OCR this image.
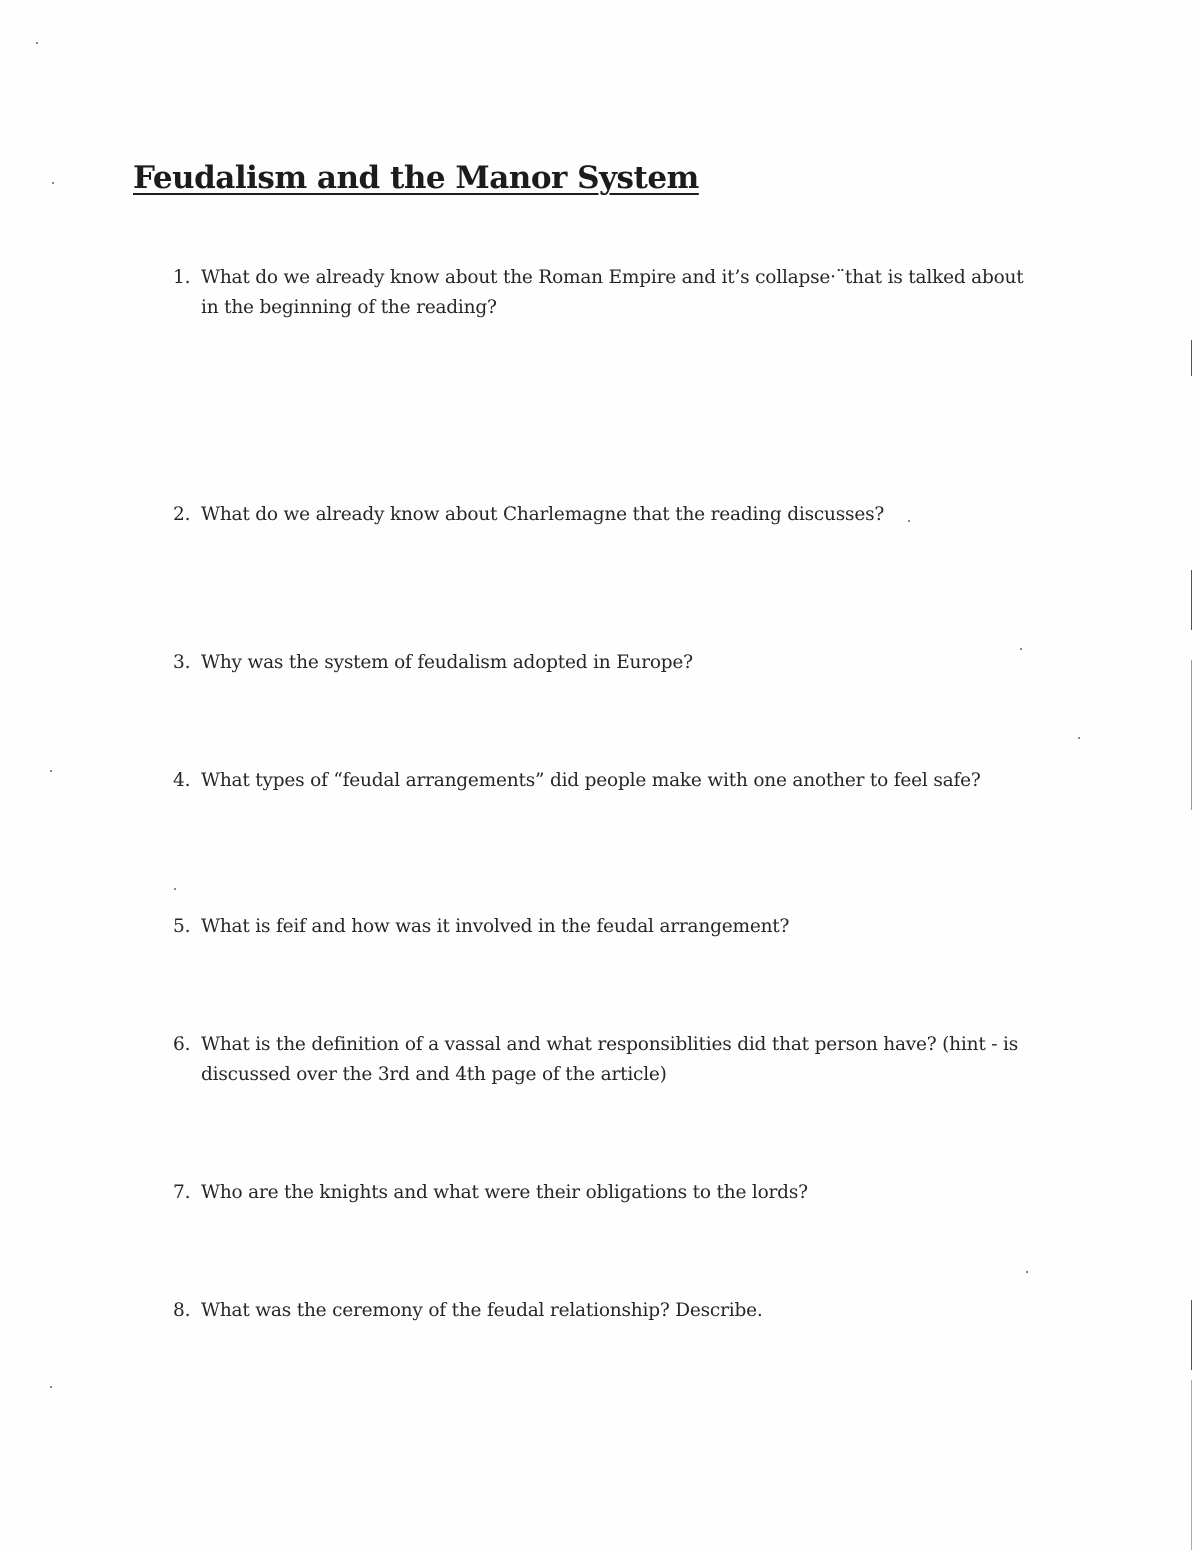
Feudalism and the Manor System
1. What do we already know about the Roman Empire and it’s collapse·¨that is talked about in the beginning of the reading?
2. What do we already know about Charlemagne that the reading discusses?
3. Why was the system of feudalism adopted in Europe?
4. What types of “feudal arrangements” did people make with one another to feel safe?
5. What is feif and how was it involved in the feudal arrangement?
6. What is the definition of a vassal and what responsiblities did that person have? (hint - is discussed over the 3rd and 4th page of the article)
7. Who are the knights and what were their obligations to the lords?
8. What was the ceremony of the feudal relationship? Describe.
